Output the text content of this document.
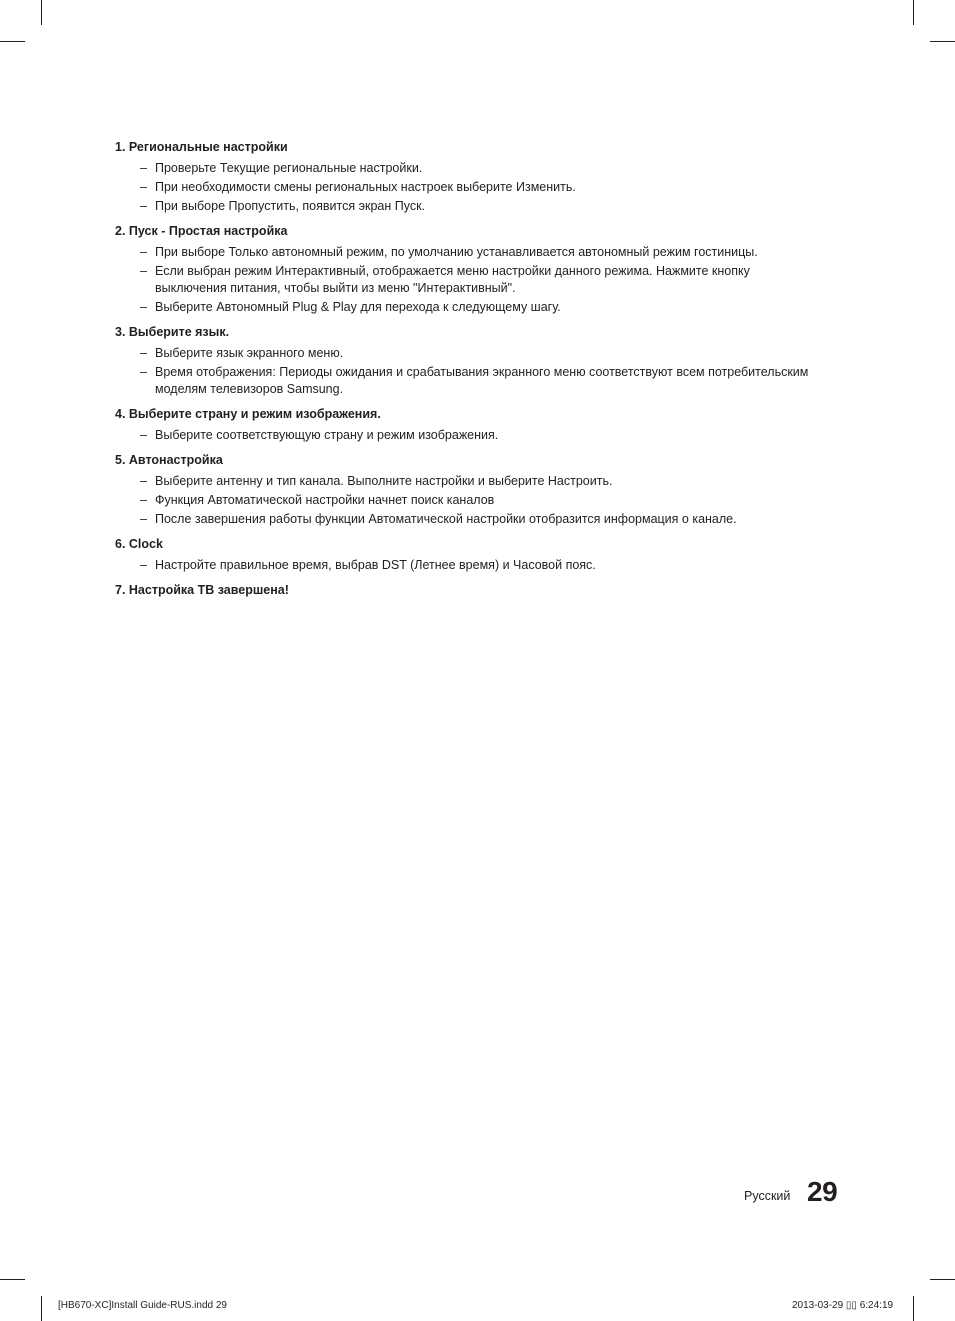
1. Региональные настройки
– Проверьте Текущие региональные настройки.
– При необходимости смены региональных настроек выберите Изменить.
– При выборе Пропустить, появится экран Пуск.
2. Пуск - Простая настройка
– При выборе Только автономный режим, по умолчанию устанавливается автономный режим гостиницы.
– Если выбран режим Интерактивный, отображается меню настройки данного режима. Нажмите кнопку выключения питания, чтобы выйти из меню "Интерактивный".
– Выберите Автономный Plug & Play для перехода к следующему шагу.
3. Выберите язык.
– Выберите язык экранного меню.
– Время отображения: Периоды ожидания и срабатывания экранного меню соответствуют всем потребительским моделям телевизоров Samsung.
4. Выберите страну и режим изображения.
– Выберите соответствующую страну и режим изображения.
5. Автонастройка
– Выберите антенну и тип канала. Выполните настройки и выберите Настроить.
– Функция Автоматической настройки начнет поиск каналов
– После завершения работы функции Автоматической настройки отобразится информация о канале.
6. Clock
– Настройте правильное время, выбрав DST (Летнее время) и Часовой пояс.
7. Настройка ТВ завершена!
Русский 29
[HB670-XC]Install Guide-RUS.indd 29	2013-03-29 ▯▯ 6:24:19
